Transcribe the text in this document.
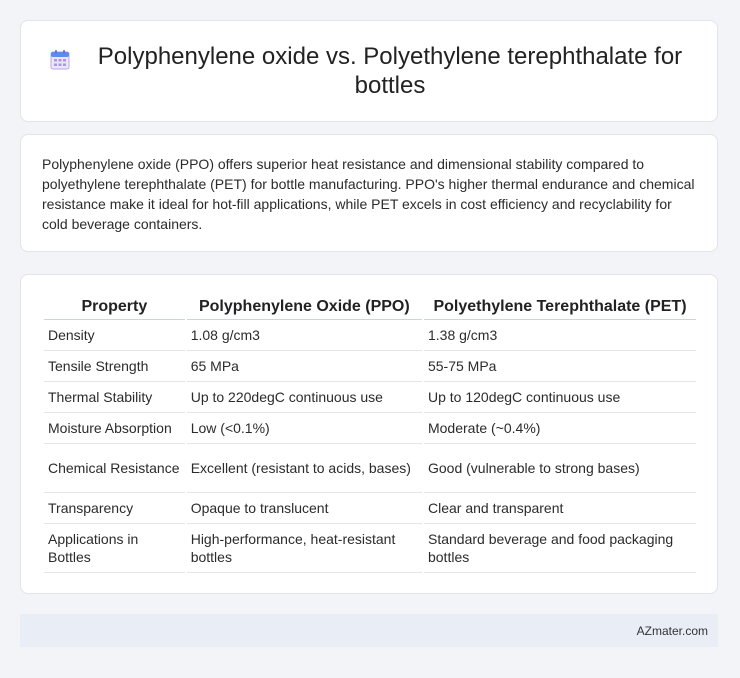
Polyphenylene oxide vs. Polyethylene terephthalate for bottles

Polyphenylene oxide (PPO) offers superior heat resistance and dimensional stability compared to polyethylene terephthalate (PET) for bottle manufacturing. PPO's higher thermal endurance and chemical resistance make it ideal for hot-fill applications, while PET excels in cost efficiency and recyclability for cold beverage containers.

Property	Polyphenylene Oxide (PPO)	Polyethylene Terephthalate (PET)
Density	1.08 g/cm3	1.38 g/cm3
Tensile Strength	65 MPa	55-75 MPa
Thermal Stability	Up to 220degC continuous use	Up to 120degC continuous use
Moisture Absorption	Low (<0.1%)	Moderate (~0.4%)
Chemical Resistance	Excellent (resistant to acids, bases)	Good (vulnerable to strong bases)
Transparency	Opaque to translucent	Clear and transparent
Applications in Bottles	High-performance, heat-resistant bottles	Standard beverage and food packaging bottles
AZmater.com
